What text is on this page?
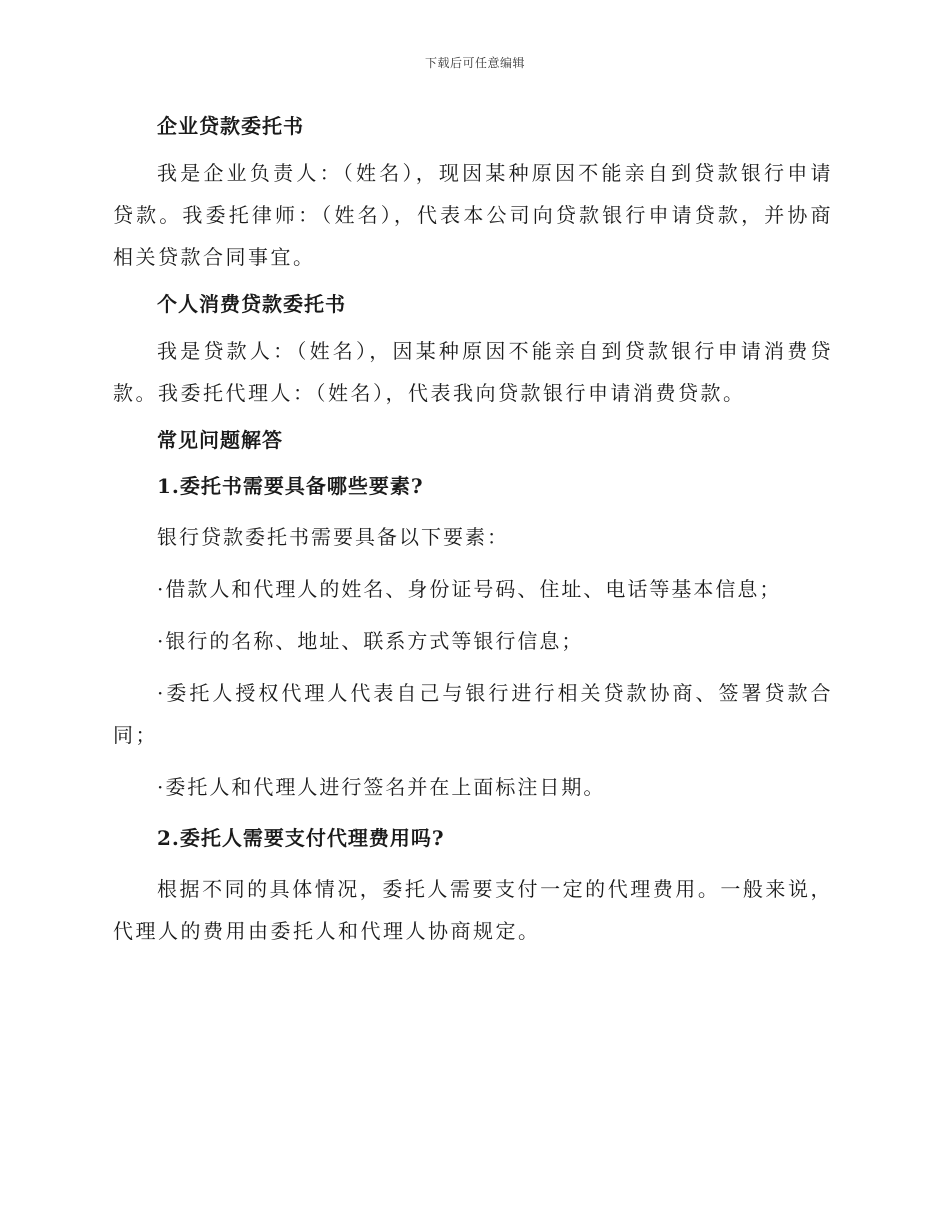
下载后可任意编辑

企业贷款委托书

我是企业负责人：（姓名），现因某种原因不能亲自到贷款银行申请贷款。我委托律师：（姓名），代表本公司向贷款银行申请贷款，并协商相关贷款合同事宜。

个人消费贷款委托书

我是贷款人：（姓名），因某种原因不能亲自到贷款银行申请消费贷款。我委托代理人：（姓名），代表我向贷款银行申请消费贷款。

常见问题解答

1.委托书需要具备哪些要素?

银行贷款委托书需要具备以下要素：

·借款人和代理人的姓名、身份证号码、住址、电话等基本信息；

·银行的名称、地址、联系方式等银行信息；

·委托人授权代理人代表自己与银行进行相关贷款协商、签署贷款合同；

·委托人和代理人进行签名并在上面标注日期。

2.委托人需要支付代理费用吗?

根据不同的具体情况，委托人需要支付一定的代理费用。一般来说，代理人的费用由委托人和代理人协商规定。
